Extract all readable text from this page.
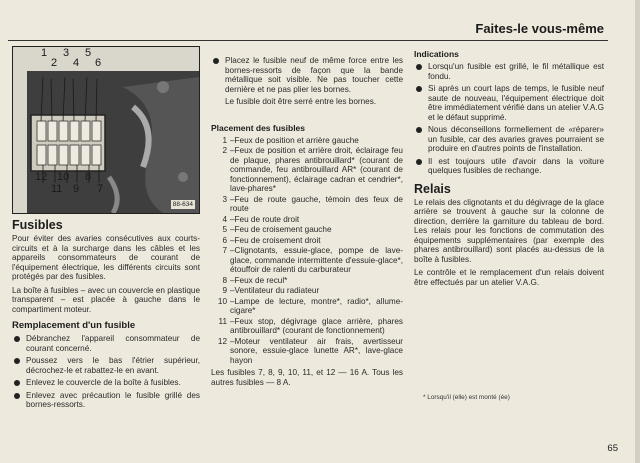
Faites-le vous-même
1
2
3
4
5
6
7
8
9
10
11
12
88-634
Fusibles

Pour éviter des avaries consécutives aux courts-circuits et à la surcharge dans les câbles et les appareils consommateurs de courant de l'équipement électrique, les différents circuits sont protégés par des fusibles.

La boîte à fusibles – avec un couvercle en plastique transparent – est placée à gauche dans le compartiment moteur.

Remplacement d'un fusible
Débranchez l'appareil consommateur de courant concerné.
Poussez vers le bas l'étrier supérieur, décrochez-le et rabattez-le en avant.
Enlevez le couvercle de la boîte à fusibles.
Enlevez avec précaution le fusible grillé des bornes-ressorts.
Placez le fusible neuf de même force entre les bornes-ressorts de façon que la bande métallique soit visible. Ne pas toucher cette dernière et ne pas plier les bornes.

Le fusible doit être serré entre les bornes.

Placement des fusibles
1 –Feux de position et arrière gauche
2 –Feux de position et arrière droit, éclairage feu de plaque, phares antibrouillard* (courant de commande, feu antibrouillard AR* (courant de fonctionnement), éclairage cadran et cendrier*, lave-phares*
3 –Feu de route gauche, témoin des feux de route
4 –Feu de route droit
5 –Feu de croisement gauche
6 –Feu de croisement droit
7 –Clignotants, essuie-glace, pompe de lave-glace, commande intermittente d'essuie-glace*, étouffoir de ralenti du carburateur
8 –Feux de recul*
9 –Ventilateur du radiateur
10 –Lampe de lecture, montre*, radio*, allume-cigare*
11 –Feux stop, dégivrage glace arrière, phares antibrouillard* (courant de fonctionnement)
12 –Moteur ventilateur air frais, avertisseur sonore, essuie-glace lunette AR*, lave-glace hayon

Les fusibles 7, 8, 9, 10, 11, et 12 — 16 A. Tous les autres fusibles — 8 A.

Indications
Lorsqu'un fusible est grillé, le fil métallique est fondu.
Si après un court laps de temps, le fusible neuf saute de nouveau, l'équipement électrique doit être immédiatement vérifié dans un atelier V.A.G et le défaut supprimé.
Nous déconseillons formellement de «réparer» un fusible, car des avaries graves pourraient se produire en d'autres points de l'installation.
Il est toujours utile d'avoir dans la voiture quelques fusibles de rechange.
Relais

Le relais des clignotants et du dégivrage de la glace arrière se trouvent à gauche sur la colonne de direction, derrière la garniture du tableau de bord. Les relais pour les fonctions de commutation des équipements supplémentaires (par exemple des phares antibrouillard) sont placés au-dessus de la boîte à fusibles.

Le contrôle et le remplacement d'un relais doivent être effectués par un atelier V.A.G.

* Lorsqu'il (elle) est monté (ée)
65
